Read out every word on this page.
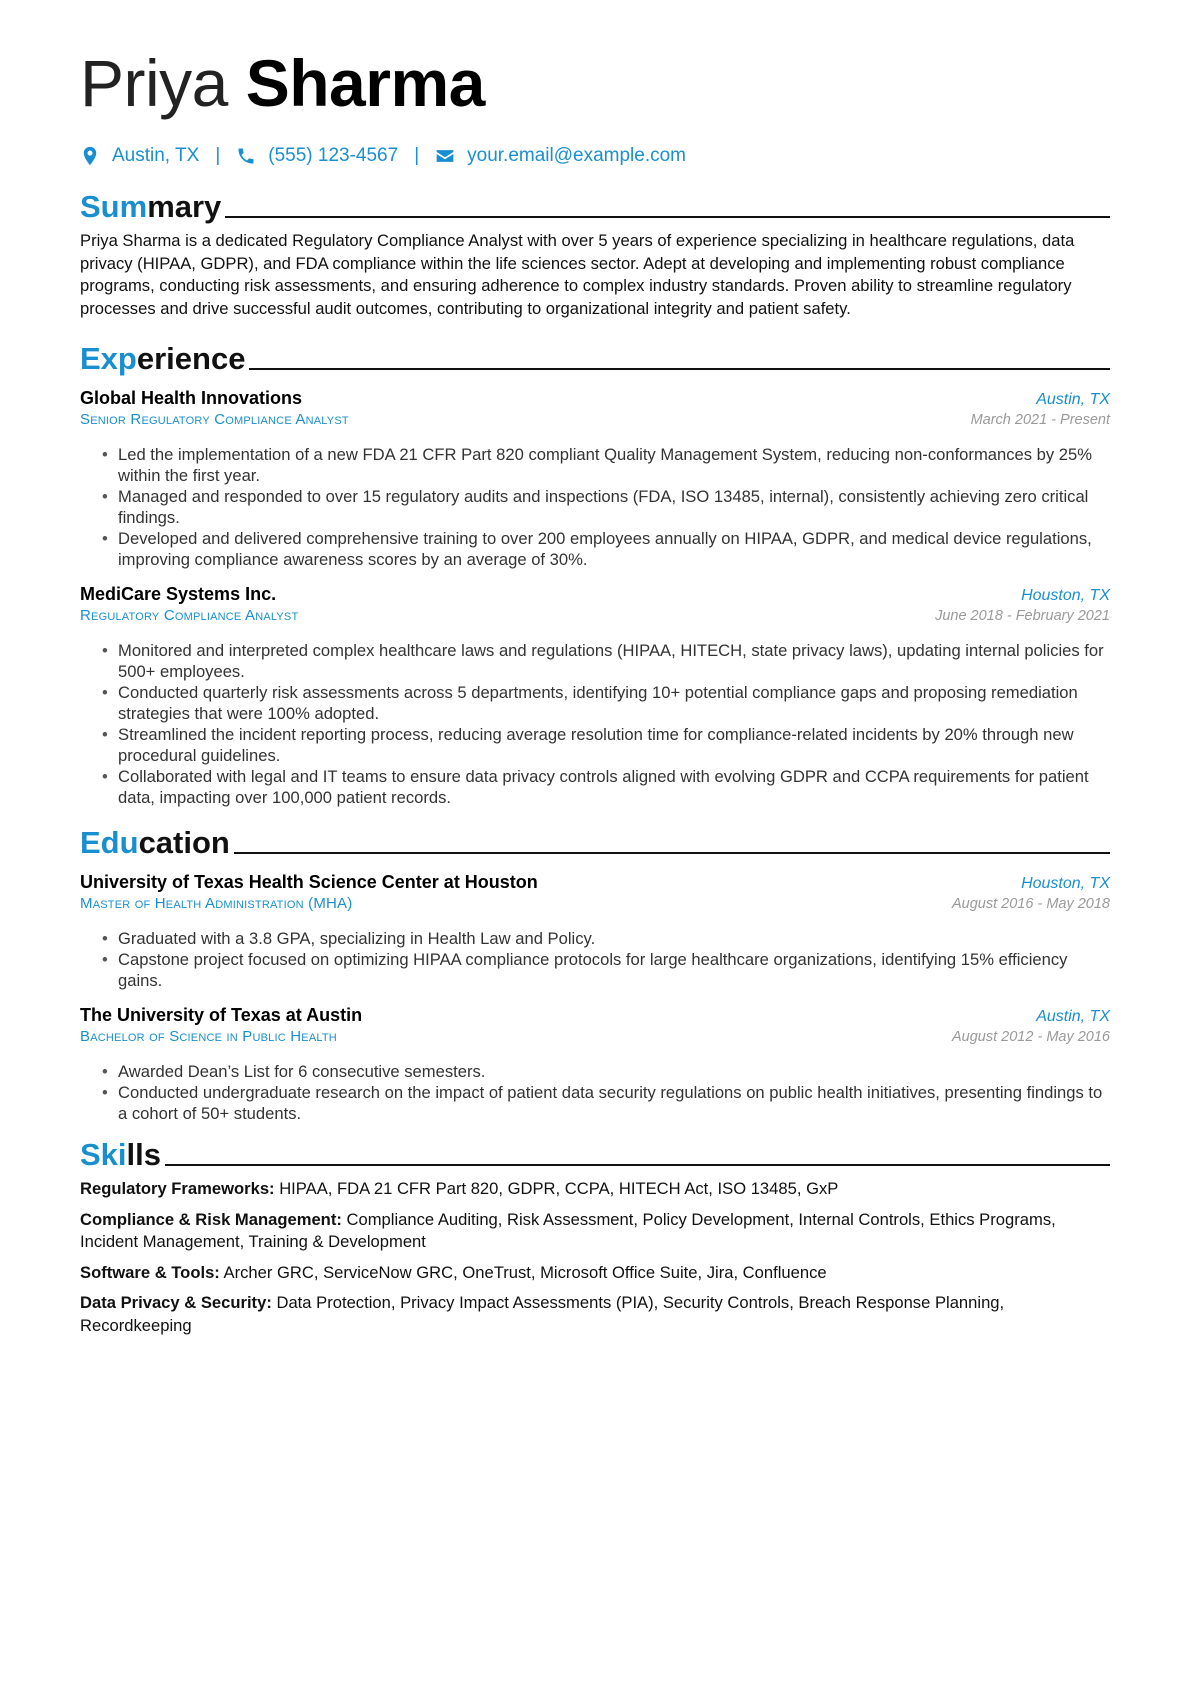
Priya Sharma
Austin, TX |	(555) 123-4567 |	your.email@example.com
Summary
Priya Sharma is a dedicated Regulatory Compliance Analyst with over 5 years of experience specializing in healthcare regulations, data privacy (HIPAA, GDPR), and FDA compliance within the life sciences sector. Adept at developing and implementing robust compliance programs, conducting risk assessments, and ensuring adherence to complex industry standards. Proven ability to streamline regulatory processes and drive successful audit outcomes, contributing to organizational integrity and patient safety.
Experience
Global Health Innovations	Austin, TX
Senior Regulatory Compliance Analyst	March 2021 - Present
• Led the implementation of a new FDA 21 CFR Part 820 compliant Quality Management System, reducing non-conformances by 25% within the first year.
• Managed and responded to over 15 regulatory audits and inspections (FDA, ISO 13485, internal), consistently achieving zero critical findings.
• Developed and delivered comprehensive training to over 200 employees annually on HIPAA, GDPR, and medical device regulations, improving compliance awareness scores by an average of 30%.
MediCare Systems Inc.	Houston, TX
Regulatory Compliance Analyst	June 2018 - February 2021
• Monitored and interpreted complex healthcare laws and regulations (HIPAA, HITECH, state privacy laws), updating internal policies for 500+ employees.
• Conducted quarterly risk assessments across 5 departments, identifying 10+ potential compliance gaps and proposing remediation strategies that were 100% adopted.
• Streamlined the incident reporting process, reducing average resolution time for compliance-related incidents by 20% through new procedural guidelines.
• Collaborated with legal and IT teams to ensure data privacy controls aligned with evolving GDPR and CCPA requirements for patient data, impacting over 100,000 patient records.
Education
University of Texas Health Science Center at Houston	Houston, TX
Master of Health Administration (MHA)	August 2016 - May 2018
• Graduated with a 3.8 GPA, specializing in Health Law and Policy.
• Capstone project focused on optimizing HIPAA compliance protocols for large healthcare organizations, identifying 15% efficiency gains.
The University of Texas at Austin	Austin, TX
Bachelor of Science in Public Health	August 2012 - May 2016
• Awarded Dean’s List for 6 consecutive semesters.
• Conducted undergraduate research on the impact of patient data security regulations on public health initiatives, presenting findings to a cohort of 50+ students.
Skills
Regulatory Frameworks: HIPAA, FDA 21 CFR Part 820, GDPR, CCPA, HITECH Act, ISO 13485, GxP
Compliance & Risk Management: Compliance Auditing, Risk Assessment, Policy Development, Internal Controls, Ethics Programs, Incident Management, Training & Development
Software & Tools: Archer GRC, ServiceNow GRC, OneTrust, Microsoft Office Suite, Jira, Confluence
Data Privacy & Security: Data Protection, Privacy Impact Assessments (PIA), Security Controls, Breach Response Planning, Recordkeeping
